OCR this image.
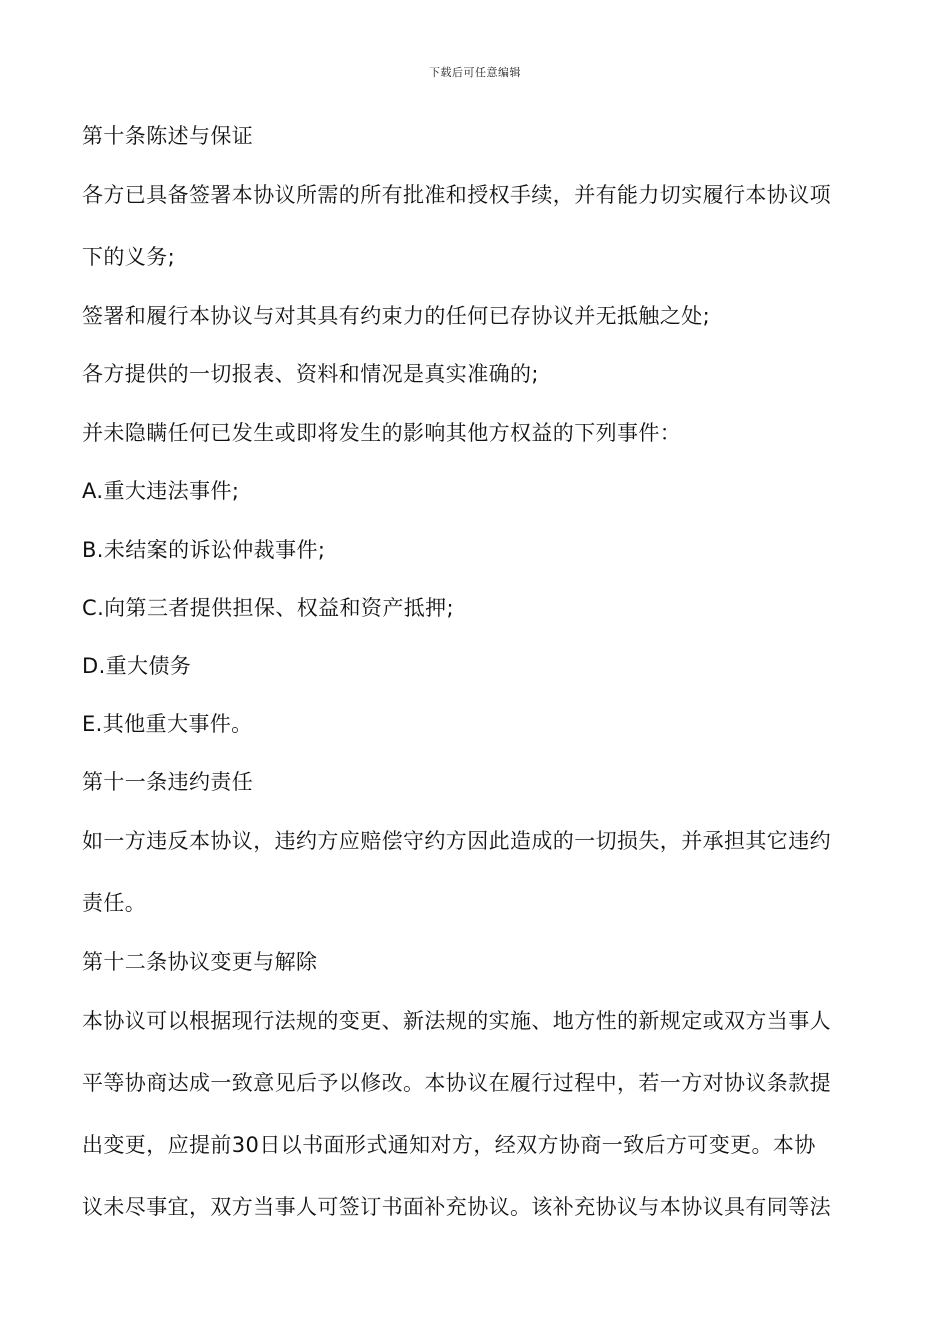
下载后可任意编辑
第十条陈述与保证
各方已具备签署本协议所需的所有批准和授权手续，并有能力切实履行本协议项
下的义务;
签署和履行本协议与对其具有约束力的任何已存协议并无抵触之处;
各方提供的一切报表、资料和情况是真实准确的;
并未隐瞒任何已发生或即将发生的影响其他方权益的下列事件：
A.重大违法事件;
B.未结案的诉讼仲裁事件;
C.向第三者提供担保、权益和资产抵押;
D.重大债务
E.其他重大事件。
第十一条违约责任
如一方违反本协议，违约方应赔偿守约方因此造成的一切损失，并承担其它违约
责任。
第十二条协议变更与解除
本协议可以根据现行法规的变更、新法规的实施、地方性的新规定或双方当事人
平等协商达成一致意见后予以修改。本协议在履行过程中，若一方对协议条款提
出变更，应提前30日以书面形式通知对方，经双方协商一致后方可变更。本协
议未尽事宜，双方当事人可签订书面补充协议。该补充协议与本协议具有同等法
